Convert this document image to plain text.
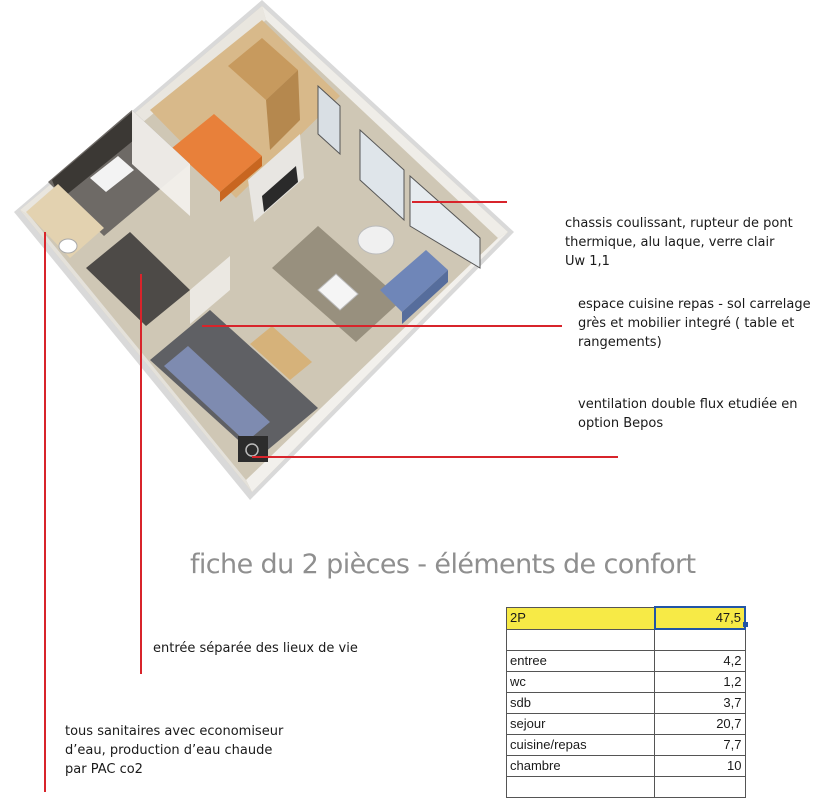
chassis coulissant, rupteur de pont
thermique, alu laque, verre clair
Uw 1,1
espace cuisine repas - sol carrelage
grès et mobilier integré ( table et
rangements)
ventilation double flux etudiée en
option Bepos
entrée séparée des lieux de vie
tous sanitaires avec economiseur
d’eau, production d’eau chaude
par PAC co2
fiche du 2 pièces - éléments de confort
2P	47,5

entree	4,2
wc	1,2
sdb	3,7
sejour	20,7
cuisine/repas	7,7
chambre	10
